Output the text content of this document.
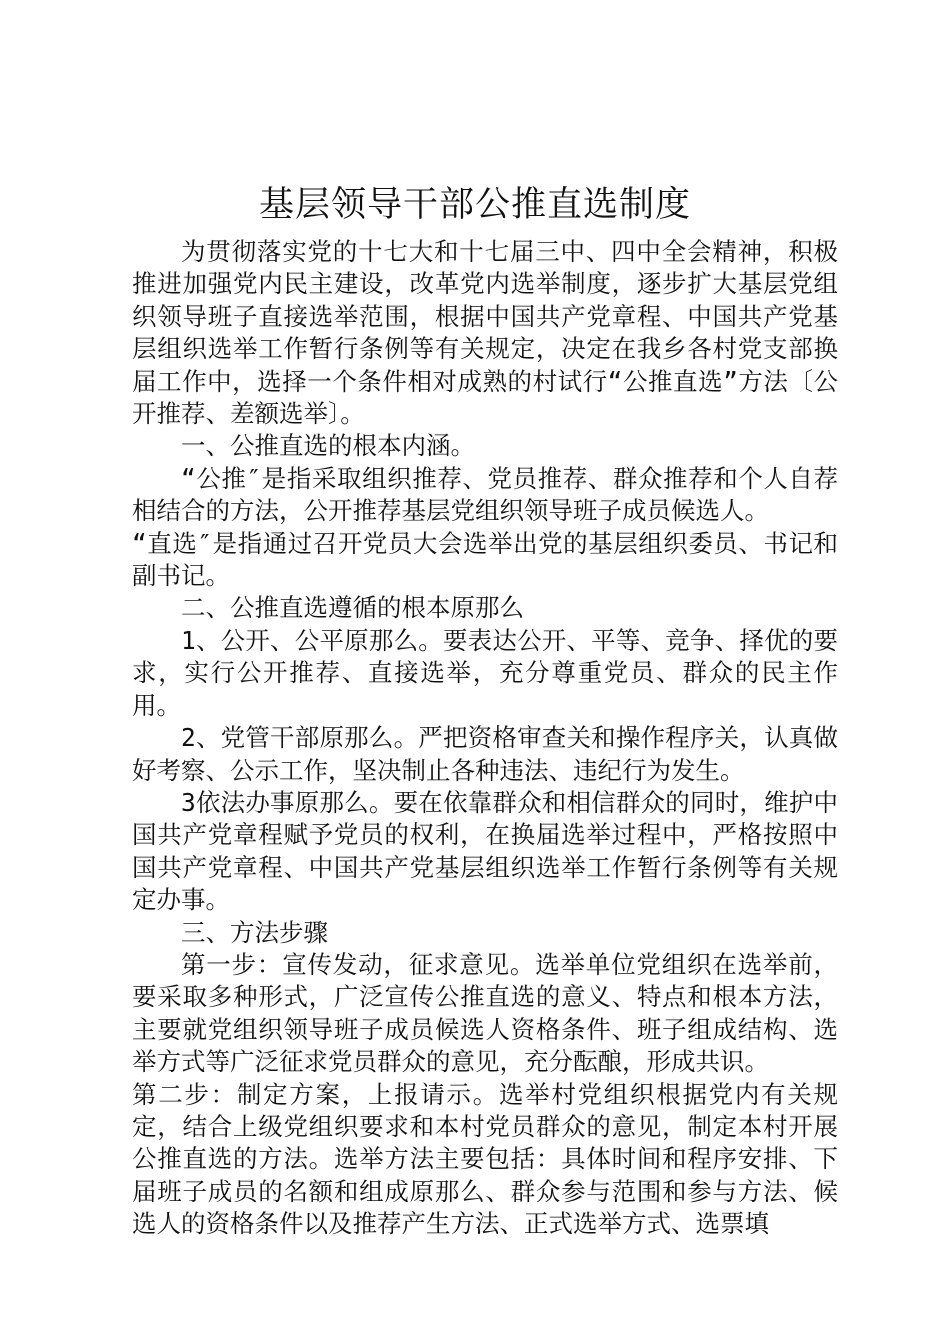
基层领导干部公推直选制度

为贯彻落实党的十七大和十七届三中、四中全会精神，积极推进加强党内民主建设，改革党内选举制度，逐步扩大基层党组织领导班子直接选举范围，根据中国共产党章程、中国共产党基层组织选举工作暂行条例等有关规定，决定在我乡各村党支部换届工作中，选择一个条件相对成熟的村试行“公推直选”方法〔公开推荐、差额选举〕。

一、公推直选的根本内涵。

“公推″是指采取组织推荐、党员推荐、群众推荐和个人自荐相结合的方法，公开推荐基层党组织领导班子成员候选人。

“直选″是指通过召开党员大会选举出党的基层组织委员、书记和副书记。

二、公推直选遵循的根本原那么

1、公开、公平原那么。要表达公开、平等、竞争、择优的要求，实行公开推荐、直接选举，充分尊重党员、群众的民主作用。

2、党管干部原那么。严把资格审查关和操作程序关，认真做好考察、公示工作，坚决制止各种违法、违纪行为发生。

3依法办事原那么。要在依靠群众和相信群众的同时，维护中国共产党章程赋予党员的权利，在换届选举过程中，严格按照中国共产党章程、中国共产党基层组织选举工作暂行条例等有关规定办事。

三、方法步骤

第一步：宣传发动，征求意见。选举单位党组织在选举前，要采取多种形式，广泛宣传公推直选的意义、特点和根本方法，主要就党组织领导班子成员候选人资格条件、班子组成结构、选举方式等广泛征求党员群众的意见，充分酝酿，形成共识。

第二步：制定方案，上报请示。选举村党组织根据党内有关规定，结合上级党组织要求和本村党员群众的意见，制定本村开展公推直选的方法。选举方法主要包括：具体时间和程序安排、下届班子成员的名额和组成原那么、群众参与范围和参与方法、候选人的资格条件以及推荐产生方法、正式选举方式、选票填
